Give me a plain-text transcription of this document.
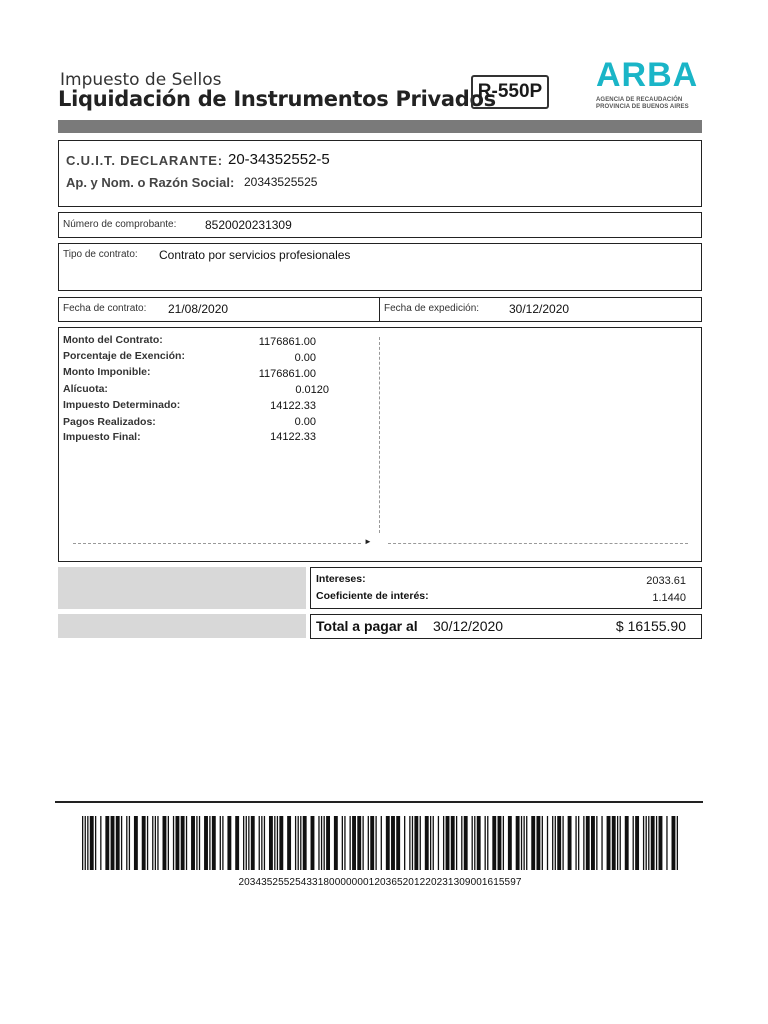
Impuesto de Sellos
Liquidación de Instrumentos Privados
R-550P ARBA
AGENCIA DE RECAUDACIÓN
PROVINCIA DE BUENOS AIRES
C.U.I.T. DECLARANTE: 20-34352552-5
Ap. y Nom. o Razón Social: 20343525525
Número de comprobante: 8520020231309
Tipo de contrato: Contrato por servicios profesionales
Fecha de contrato: 21/08/2020	Fecha de expedición: 30/12/2020
Monto del Contrato:	1176861.00
Porcentaje de Exención:	0.00
Monto Imponible:	1176861.00
Alícuota:	0.0120
Impuesto Determinado:	14122.33
Pagos Realizados:	0.00
Impuesto Final:	14122.33
►
Intereses:	2033.61
Coeficiente de interés:	1.1440
Total a pagar al 30/12/2020	$ 16155.90
20343525525433180000000120365201220231309001615597
